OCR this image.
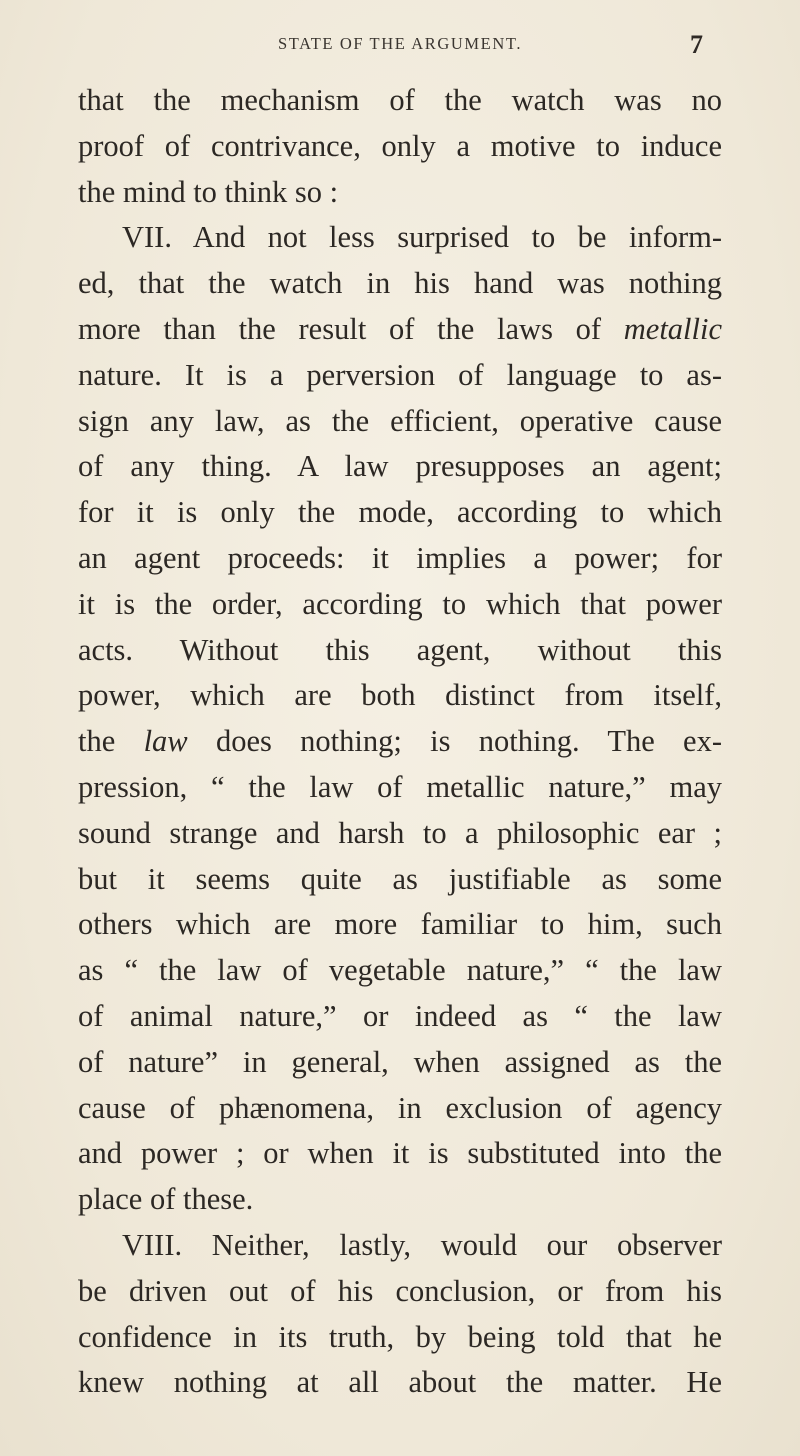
STATE OF THE ARGUMENT.	7
that the mechanism of the watch was no
proof of contrivance, only a motive to induce
the mind to think so :
VII. And not less surprised to be inform-
ed, that the watch in his hand was nothing
more than the result of the laws of metallic
nature. It is a perversion of language to as-
sign any law, as the efficient, operative cause
of any thing. A law presupposes an agent;
for it is only the mode, according to which
an agent proceeds: it implies a power; for
it is the order, according to which that power
acts. Without this agent, without this
power, which are both distinct from itself,
the law does nothing; is nothing. The ex-
pression, “ the law of metallic nature,” may
sound strange and harsh to a philosophic ear ;
but it seems quite as justifiable as some
others which are more familiar to him, such
as “ the law of vegetable nature,” “ the law
of animal nature,” or indeed as “ the law
of nature” in general, when assigned as the
cause of phænomena, in exclusion of agency
and power ; or when it is substituted into the
place of these.
VIII. Neither, lastly, would our observer
be driven out of his conclusion, or from his
confidence in its truth, by being told that he
knew nothing at all about the matter. He
